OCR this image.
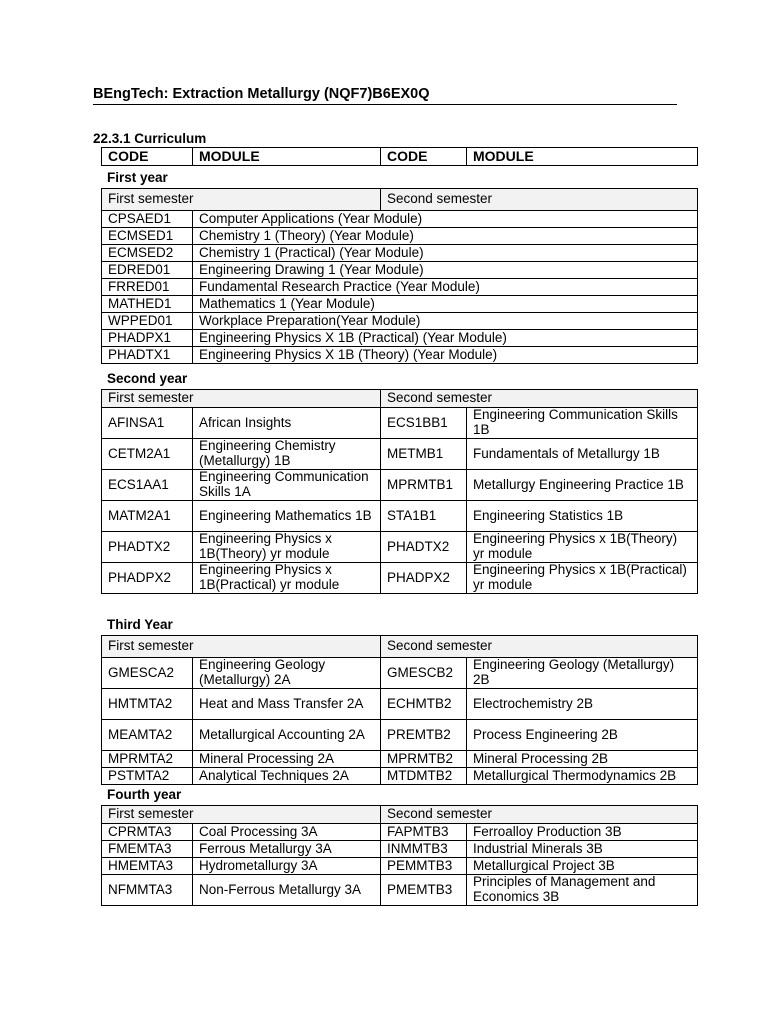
BEngTech: Extraction Metallurgy (NQF7)B6EX0Q
22.3.1 Curriculum
CODE	MODULE	CODE	MODULE
First year
First semester		Second semester
CPSAED1	Computer Applications (Year Module)	
ECMSED1	Chemistry 1 (Theory) (Year Module)	
ECMSED2	Chemistry 1 (Practical) (Year Module)	
EDRED01	Engineering Drawing 1 (Year Module)	
FRRED01	Fundamental Research Practice (Year Module)	
MATHED1	Mathematics 1 (Year Module)	
WPPED01	Workplace Preparation(Year Module)	
PHADPX1	Engineering Physics X 1B (Practical) (Year Module)	
PHADTX1	Engineering Physics X 1B (Theory) (Year Module)	
Second year
First semester		Second semester	
AFINSA1	African Insights	ECS1BB1	Engineering Communication Skills 1B
CETM2A1	Engineering Chemistry (Metallurgy) 1B	METMB1	Fundamentals of Metallurgy 1B
ECS1AA1	Engineering Communication Skills 1A	MPRMTB1	Metallurgy Engineering Practice 1B
MATM2A1	Engineering Mathematics 1B	STA1B1	Engineering Statistics 1B
PHADTX2	Engineering Physics x 1B(Theory) yr module	PHADTX2	Engineering Physics x 1B(Theory) yr module
PHADPX2	Engineering Physics x 1B(Practical) yr module	PHADPX2	Engineering Physics x 1B(Practical) yr module
Third Year
First semester		Second semester	
GMESCA2	Engineering Geology (Metallurgy) 2A	GMESCB2	Engineering Geology (Metallurgy) 2B
HMTMTA2	Heat and Mass Transfer 2A	ECHMTB2	Electrochemistry 2B
MEAMTA2	Metallurgical Accounting 2A	PREMTB2	Process Engineering 2B
MPRMTA2	Mineral Processing 2A	MPRMTB2	Mineral Processing 2B
PSTMTA2	Analytical Techniques 2A	MTDMTB2	Metallurgical Thermodynamics 2B
Fourth year
First semester		Second semester	
CPRMTA3	Coal Processing 3A	FAPMTB3	Ferroalloy Production 3B
FMEMTA3	Ferrous Metallurgy 3A	INMMTB3	Industrial Minerals 3B
HMEMTA3	Hydrometallurgy 3A	PEMMTB3	Metallurgical Project 3B
NFMMTA3	Non-Ferrous Metallurgy 3A	PMEMTB3	Principles of Management and Economics 3B
